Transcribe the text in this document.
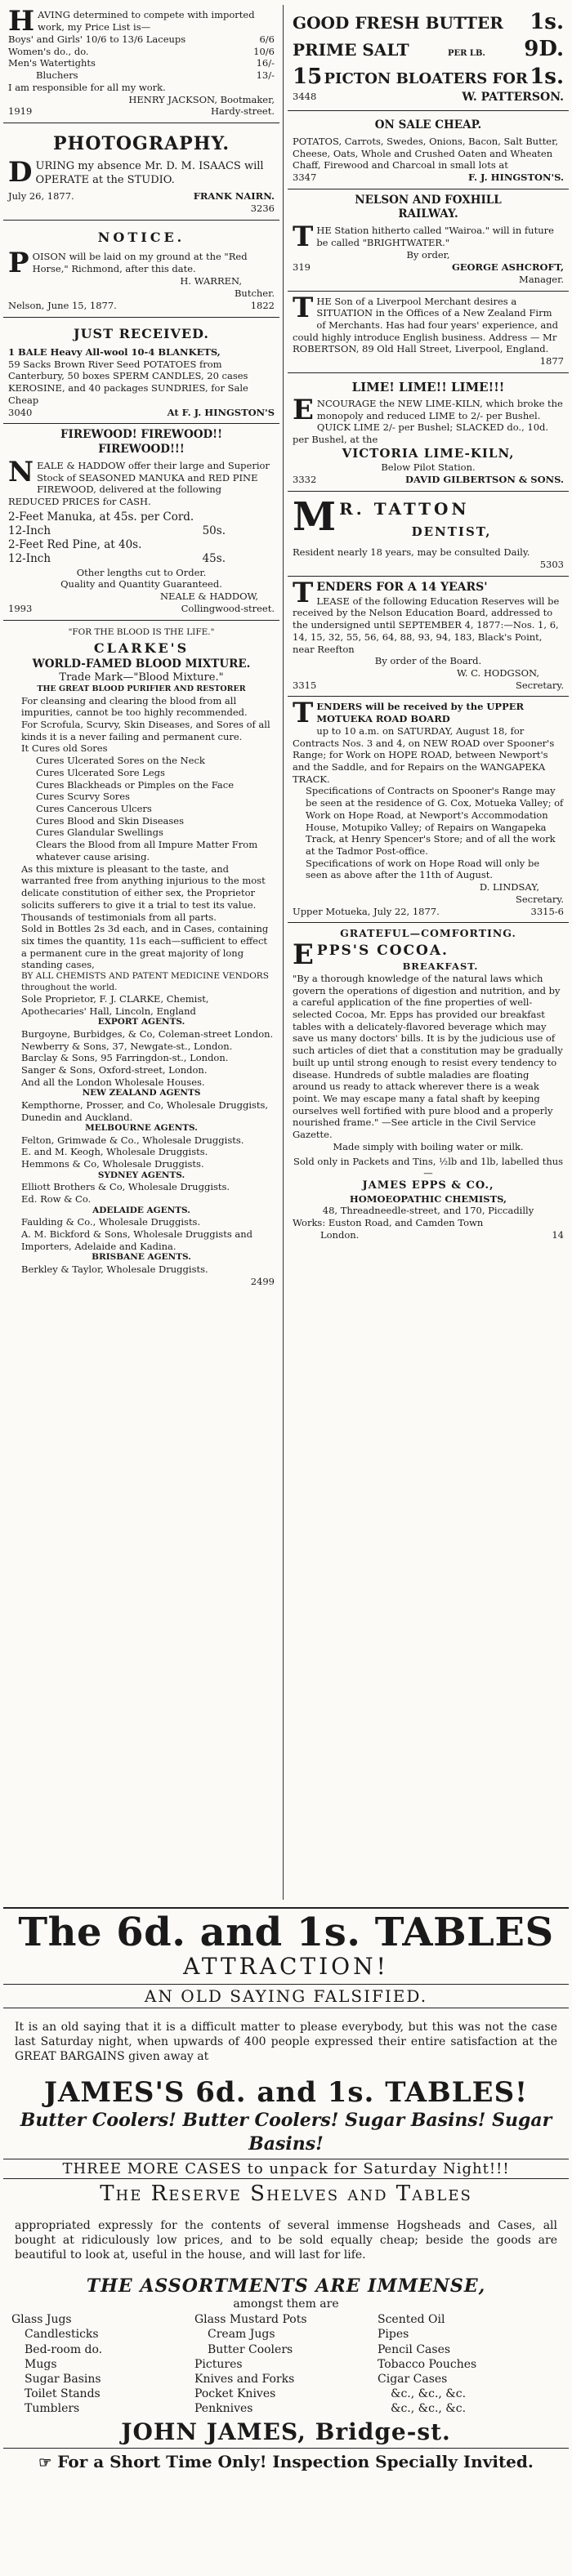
HAVING determined to compete with imported work, my Price List is—

Boys' and Girls' 10/6 to 13/6 Laceups	6/6
Women's do., do.	10/6
Men's Watertights	16/-
Bluchers	13/-

I am responsible for all my work.

HENRY JACKSON, Bootmaker,

1919	Hardy-street.
PHOTOGRAPHY.

DURING my absence Mr. D. M. ISAACS will OPERATE at the STUDIO.

July 26, 1877.	FRANK NAIRN.

3236

NOTICE.

POISON will be laid on my ground at the "Red Horse," Richmond, after this date.

H. WARREN,

Butcher.

Nelson, June 15, 1877.	1822
JUST RECEIVED.

1 BALE Heavy All-wool 10-4 BLANKETS,

59 Sacks Brown River Seed POTATOES from Canterbury, 50 boxes SPERM CANDLES, 20 cases KEROSINE, and 40 packages SUNDRIES, for Sale Cheap

3040	At F. J. HINGSTON'S
FIREWOOD! FIREWOOD!!
FIREWOOD!!!

NEALE & HADDOW offer their large and Superior Stock of SEASONED MANUKA and RED PINE FIREWOOD, delivered at the following REDUCED PRICES for CASH.

2-Feet Manuka, at 45s. per Cord.
12-Inch	50s.
2-Feet Red Pine, at 40s.
12-Inch	45s.

Other lengths cut to Order.

Quality and Quantity Guaranteed.

NEALE & HADDOW,

1993	Collingwood-street.

"FOR THE BLOOD IS THE LIFE."

CLARKE'S
WORLD-FAMED BLOOD MIXTURE.

Trade Mark—"Blood Mixture."

THE GREAT BLOOD PURIFIER AND RESTORER

For cleansing and clearing the blood from all impurities, cannot be too highly recommended.

For Scrofula, Scurvy, Skin Diseases, and Sores of all kinds it is a never failing and permanent cure.

It Cures old Sores

Cures Ulcerated Sores on the Neck

Cures Ulcerated Sore Legs

Cures Blackheads or Pimples on the Face

Cures Scurvy Sores

Cures Cancerous Ulcers

Cures Blood and Skin Diseases

Cures Glandular Swellings

Clears the Blood from all Impure Matter From whatever cause arising.

As this mixture is pleasant to the taste, and warranted free from anything injurious to the most delicate constitution of either sex, the Proprietor solicits sufferers to give it a trial to test its value.

Thousands of testimonials from all parts.

Sold in Bottles 2s 3d each, and in Cases, containing six times the quantity, 11s each—sufficient to effect a permanent cure in the great majority of long standing cases,

BY ALL CHEMISTS AND PATENT MEDICINE VENDORS throughout the world.

Sole Proprietor, F. J. CLARKE, Chemist, Apothecaries' Hall, Lincoln, England

EXPORT AGENTS.

Burgoyne, Burbidges, & Co, Coleman-street London.

Newberry & Sons, 37, Newgate-st., London.

Barclay & Sons, 95 Farringdon-st., London.

Sanger & Sons, Oxford-street, London.

And all the London Wholesale Houses.

NEW ZEALAND AGENTS

Kempthorne, Prosser, and Co, Wholesale Druggists, Dunedin and Auckland.

MELBOURNE AGENTS.

Felton, Grimwade & Co., Wholesale Druggists.

E. and M. Keogh, Wholesale Druggists.

Hemmons & Co, Wholesale Druggists.

SYDNEY AGENTS.

Elliott Brothers & Co, Wholesale Druggists.

Ed. Row & Co.

ADELAIDE AGENTS.

Faulding & Co., Wholesale Druggists.

A. M. Bickford & Sons, Wholesale Druggists and Importers, Adelaide and Kadina.

BRISBANE AGENTS.

Berkley & Taylor, Wholesale Druggists.

2499

GOOD FRESH BUTTER 1s.
PRIME SALT	PER LB. 9D.
15 PICTON BLOATERS FOR 1s.
3448	W. PATTERSON.
ON SALE CHEAP.

POTATOS, Carrots, Swedes, Onions, Bacon, Salt Butter, Cheese, Oats, Whole and Crushed Oaten and Wheaten Chaff, Firewood and Charcoal in small lots at

3347	F. J. HINGSTON'S.
NELSON AND FOXHILL
RAILWAY.

THE Station hitherto called "Wairoa." will in future be called "BRIGHTWATER."

By order,

319	GEORGE ASHCROFT,

Manager.

THE Son of a Liverpool Merchant desires a SITUATION in the Offices of a New Zealand Firm of Merchants. Has had four years' experience, and could highly introduce English business. Address — Mr ROBERTSON, 89 Old Hall Street, Liverpool, England.

1877

LIME! LIME!! LIME!!!

ENCOURAGE the NEW LIME-KILN, which broke the monopoly and reduced LIME to 2/- per Bushel. QUICK LIME 2/- per Bushel; SLACKED do., 10d. per Bushel, at the

VICTORIA LIME-KILN,

Below Pilot Station.

3332	DAVID GILBERTSON & SONS.

M R. TATTON

DENTIST,

Resident nearly 18 years, may be consulted Daily.

5303

TENDERS FOR A 14 YEARS'

LEASE of the following Education Reserves will be received by the Nelson Education Board, addressed to the undersigned until SEPTEMBER 4, 1877:—Nos. 1, 6, 14, 15, 32, 55, 56, 64, 88, 93, 94, 183, Black's Point, near Reefton

By order of the Board.

W. C. HODGSON,

3315	Secretary.

TENDERS will be received by the UPPER MOTUEKA ROAD BOARD

up to 10 a.m. on SATURDAY, August 18, for Contracts Nos. 3 and 4, on NEW ROAD over Spooner's Range; for Work on HOPE ROAD, between Newport's and the Saddle, and for Repairs on the WANGAPEKA TRACK.

Specifications of Contracts on Spooner's Range may be seen at the residence of G. Cox, Motueka Valley; of Work on Hope Road, at Newport's Accommodation House, Motupiko Valley; of Repairs on Wangapeka Track, at Henry Spencer's Store; and of all the work at the Tadmor Post-office.

Specifications of work on Hope Road will only be seen as above after the 11th of August.

D. LINDSAY,

Secretary.

Upper Motueka, July 22, 1877.	3315-6

GRATEFUL—COMFORTING.

EPPS'S COCOA.

BREAKFAST.

"By a thorough knowledge of the natural laws which govern the operations of digestion and nutrition, and by a careful application of the fine properties of well-selected Cocoa, Mr. Epps has provided our breakfast tables with a delicately-flavored beverage which may save us many doctors' bills. It is by the judicious use of such articles of diet that a constitution may be gradually built up until strong enough to resist every tendency to disease. Hundreds of subtle maladies are floating around us ready to attack wherever there is a weak point. We may escape many a fatal shaft by keeping ourselves well fortified with pure blood and a properly nourished frame." —See article in the Civil Service Gazette.

Made simply with boiling water or milk.

Sold only in Packets and Tins, ½lb and 1lb, labelled thus—

JAMES EPPS & CO.,

HOMOEOPATHIC CHEMISTS,

48, Threadneedle-street, and 170, Piccadilly

Works: Euston Road, and Camden Town

London.	14
The 6d. and 1s. TABLES
ATTRACTION!
AN OLD SAYING FALSIFIED.

It is an old saying that it is a difficult matter to please everybody, but this was not the case last Saturday night, when upwards of 400 people expressed their entire satisfaction at the GREAT BARGAINS given away at

JAMES'S 6d. and 1s. TABLES!
Butter Coolers! Butter Coolers! Sugar Basins! Sugar Basins!
THREE MORE CASES to unpack for Saturday Night!!!
The Reserve Shelves and Tables

appropriated expressly for the contents of several immense Hogsheads and Cases, all bought at ridiculously low prices, and to be sold equally cheap; beside the goods are beautiful to look at, useful in the house, and will last for life.

THE ASSORTMENTS ARE IMMENSE,

amongst them are

Glass Jugs
Candlesticks
Bed-room do.
Mugs
Sugar Basins
Toilet Stands
Tumblers
Glass Mustard Pots
Cream Jugs
Butter Coolers
Pictures
Knives and Forks
Pocket Knives
Penknives
Scented Oil
Pipes
Pencil Cases
Tobacco Pouches
Cigar Cases
&c., &c., &c.
&c., &c., &c.
JOHN JAMES, Bridge-st.
☞ For a Short Time Only! Inspection Specially Invited.
